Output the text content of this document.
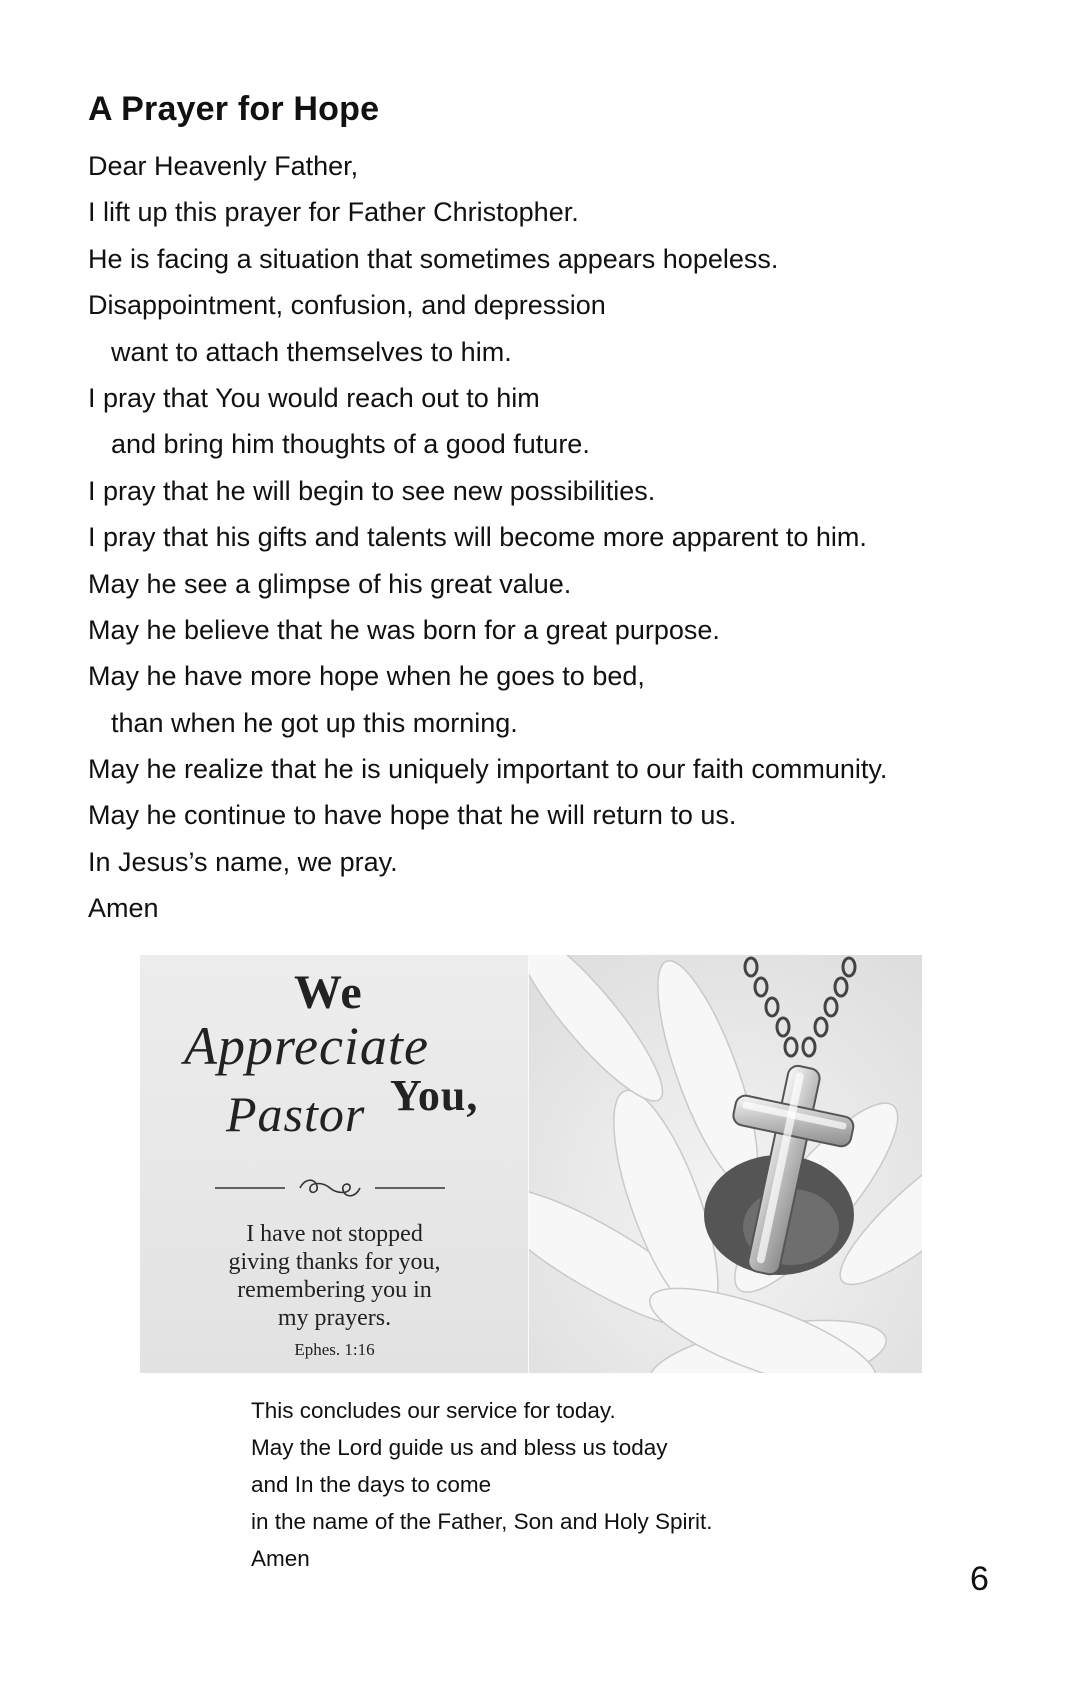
A Prayer for Hope
Dear Heavenly Father,
I lift up this prayer for Father Christopher.
He is facing a situation that sometimes appears hopeless.
Disappointment, confusion, and depression
want to attach themselves to him.
I pray that You would reach out to him
and bring him thoughts of a good future.
I pray that he will begin to see new possibilities.
I pray that his gifts and talents will become more apparent to him.
May he see a glimpse of his great value.
May he believe that he was born for a great purpose.
May he have more hope when he goes to bed,
than when he got up this morning.
May he realize that he is uniquely important to our faith community.
May he continue to have hope that he will return to us.
In Jesus’s name, we pray.
Amen
We
Appreciate
Pastor You,
I have not stopped
giving thanks for you,
remembering you in
my prayers.
Ephes. 1:16
This concludes our service for today.
May the Lord guide us and bless us today
and In the days to come
in the name of the Father, Son and Holy Spirit.
Amen
6
